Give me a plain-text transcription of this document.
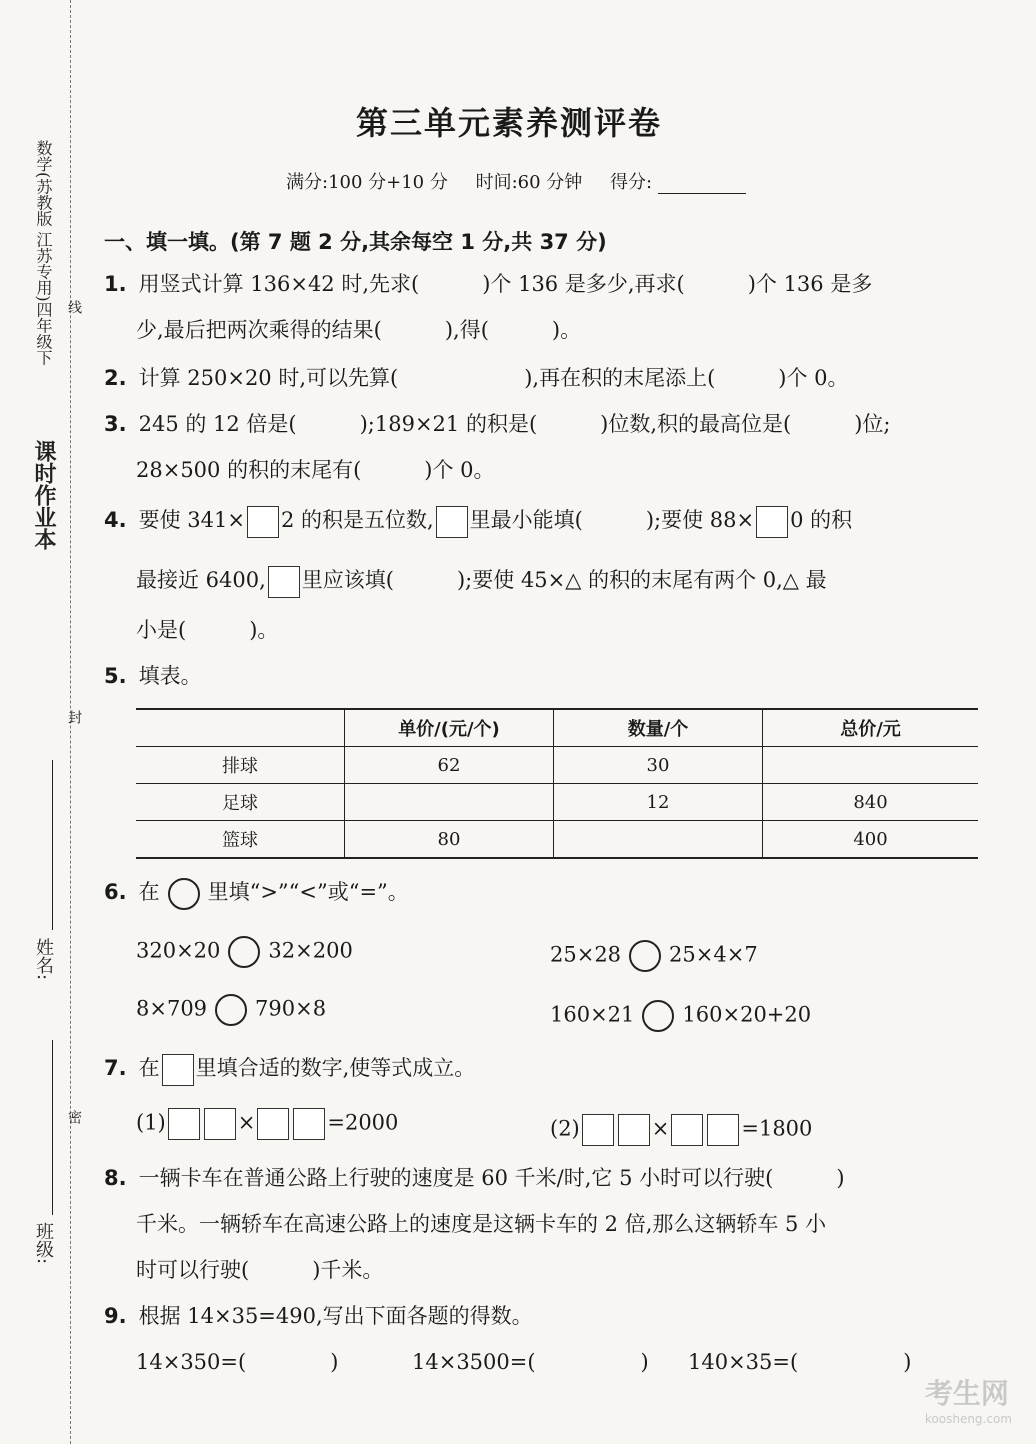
课时作业本
数学(苏教版 江苏专用)四年级下 线
封
密
姓名:
班级:
第三单元素养测评卷
满分:100 分+10 分 时间:60 分钟 得分:
一、填一填。(第 7 题 2 分,其余每空 1 分,共 37 分)
1. 用竖式计算 136×42 时,先求(　　　)个 136 是多少,再求(　　　)个 136 是多
少,最后把两次乘得的结果(　　　),得(　　　)。
2. 计算 250×20 时,可以先算(　　　　　　),再在积的末尾添上(　　　)个 0。
3. 245 的 12 倍是(　　　);189×21 的积是(　　　)位数,积的最高位是(　　　)位;
28×500 的积的末尾有(　　　)个 0。
4. 要使 341× 2 的积是五位数, 里最小能填(　　　);要使 88× 0 的积
最接近 6400, 里应该填(　　　);要使 45×△ 的积的末尾有两个 0,△ 最
小是(　　　)。
5. 填表。
	单价/(元/个)	数量/个	总价/元
排球	62	30	
足球		12	840
篮球	80		400
6. 在 里填“>”“<”或“=”。
320×20 32×200	25×28 25×4×7
8×709 790×8	160×21 160×20+20
7. 在 里填合适的数字,使等式成立。
(1)	×	=2000	(2)	×	=1800
8. 一辆卡车在普通公路上行驶的速度是 60 千米/时,它 5 小时可以行驶(　　　)
千米。一辆轿车在高速公路上的速度是这辆卡车的 2 倍,那么这辆轿车 5 小
时可以行驶(　　　)千米。
9. 根据 14×35=490,写出下面各题的得数。
14×350=(　　　　)	14×3500=(　　　　　) 140×35=(　　　　　)
考生网
koosheng.com
